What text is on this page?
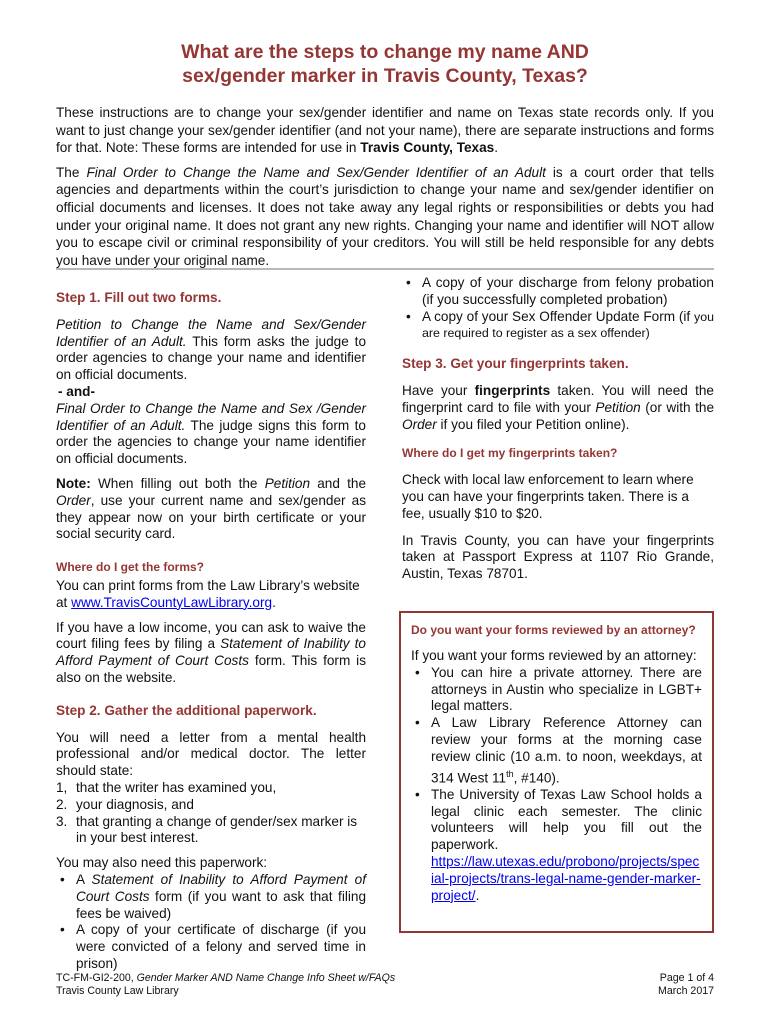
What are the steps to change my name AND
sex/gender marker in Travis County, Texas?

These instructions are to change your sex/gender identifier and name on Texas state records only. If you want to just change your sex/gender identifier (and not your name), there are separate instructions and forms for that. Note: These forms are intended for use in Travis County, Texas.

The Final Order to Change the Name and Sex/Gender Identifier of an Adult is a court order that tells agencies and departments within the court’s jurisdiction to change your name and sex/gender identifier on official documents and licenses. It does not take away any legal rights or responsibilities or debts you had under your original name. It does not grant any new rights. Changing your name and identifier will NOT allow you to escape civil or criminal responsibility of your creditors. You will still be held responsible for any debts you have under your original name.

Step 1. Fill out two forms.

Petition to Change the Name and Sex/Gender Identifier of an Adult. This form asks the judge to order agencies to change your name and identifier on official documents.

- and-

Final Order to Change the Name and Sex /Gender Identifier of an Adult. The judge signs this form to order the agencies to change your name identifier on official documents.

Note: When filling out both the Petition and the Order, use your current name and sex/gender as they appear now on your birth certificate or your social security card.

Where do I get the forms?

You can print forms from the Law Library’s website at www.TravisCountyLawLibrary.org.

If you have a low income, you can ask to waive the court filing fees by filing a Statement of Inability to Afford Payment of Court Costs form. This form is also on the website.

Step 2. Gather the additional paperwork.

You will need a letter from a mental health professional and/or medical doctor. The letter should state:

1, that the writer has examined you,
2. your diagnosis, and
3. that granting a change of gender/sex marker is in your best interest.

You may also need this paperwork:

• A Statement of Inability to Afford Payment of Court Costs form (if you want to ask that filing fees be waived)
• A copy of your certificate of discharge (if you were convicted of a felony and served time in prison)
• A copy of your discharge from felony probation (if you successfully completed probation)
• A copy of your Sex Offender Update Form (if you are required to register as a sex offender)

Step 3. Get your fingerprints taken.

Have your fingerprints taken. You will need the fingerprint card to file with your Petition (or with the Order if you filed your Petition online).

Where do I get my fingerprints taken?

Check with local law enforcement to learn where you can have your fingerprints taken. There is a fee, usually $10 to $20.

In Travis County, you can have your fingerprints taken at Passport Express at 1107 Rio Grande, Austin, Texas 78701.

Do you want your forms reviewed by an attorney?

If you want your forms reviewed by an attorney:

• You can hire a private attorney. There are attorneys in Austin who specialize in LGBT+ legal matters.
• A Law Library Reference Attorney can review your forms at the morning case review clinic (10 a.m. to noon, weekdays, at 314 West 11th, #140).
• The University of Texas Law School holds a legal clinic each semester. The clinic volunteers will help you fill out the paperwork.
https://law.utexas.edu/probono/projects/special-projects/trans-legal-name-gender-marker-project/.
TC-FM-GI2-200, Gender Marker AND Name Change Info Sheet w/FAQs
Travis County Law Library
Page 1 of 4
March 2017
